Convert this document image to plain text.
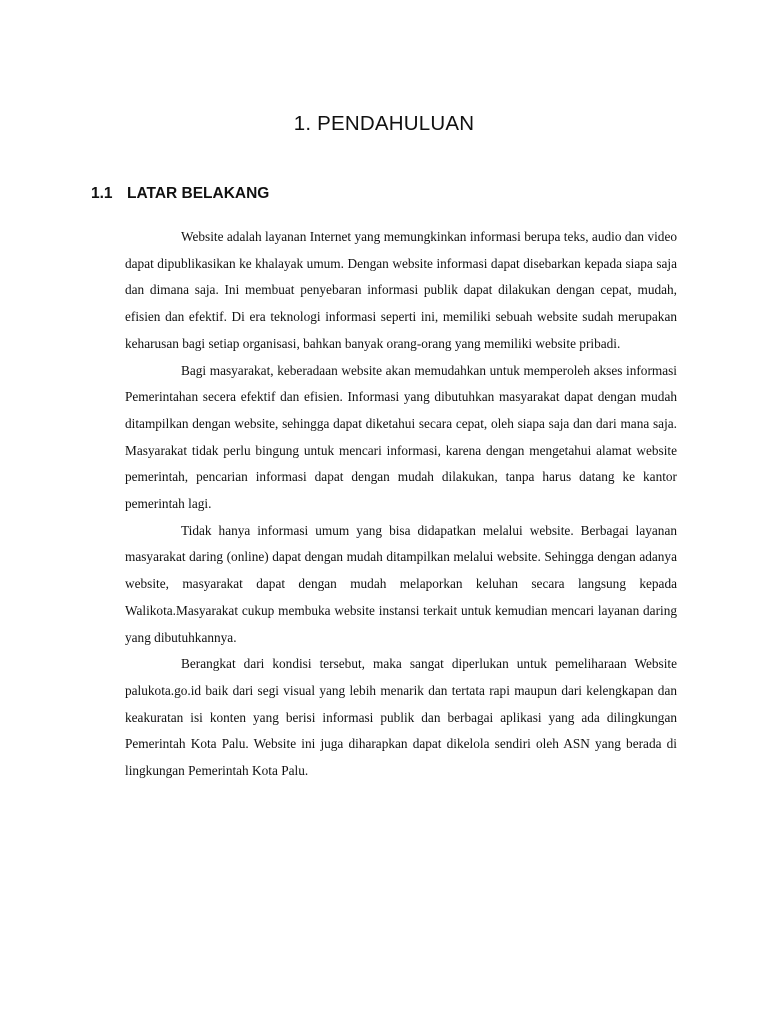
1. PENDAHULUAN
1.1 LATAR BELAKANG

Website adalah layanan Internet yang memungkinkan informasi berupa teks, audio dan video dapat dipublikasikan ke khalayak umum. Dengan website informasi dapat disebarkan kepada siapa saja dan dimana saja. Ini membuat penyebaran informasi publik dapat dilakukan dengan cepat, mudah, efisien dan efektif. Di era teknologi informasi seperti ini, memiliki sebuah website sudah merupakan keharusan bagi setiap organisasi, bahkan banyak orang-orang yang memiliki website pribadi.

Bagi masyarakat, keberadaan website akan memudahkan untuk memperoleh akses informasi Pemerintahan secera efektif dan efisien. Informasi yang dibutuhkan masyarakat dapat dengan mudah ditampilkan dengan website, sehingga dapat diketahui secara cepat, oleh siapa saja dan dari mana saja. Masyarakat tidak perlu bingung untuk mencari informasi, karena dengan mengetahui alamat website pemerintah, pencarian informasi dapat dengan mudah dilakukan, tanpa harus datang ke kantor pemerintah lagi.

Tidak hanya informasi umum yang bisa didapatkan melalui website. Berbagai layanan masyarakat daring (online) dapat dengan mudah ditampilkan melalui website. Sehingga dengan adanya website, masyarakat dapat dengan mudah melaporkan keluhan secara langsung kepada Walikota.Masyarakat cukup membuka website instansi terkait untuk kemudian mencari layanan daring yang dibutuhkannya.

Berangkat dari kondisi tersebut, maka sangat diperlukan untuk pemeliharaan Website palukota.go.id baik dari segi visual yang lebih menarik dan tertata rapi maupun dari kelengkapan dan keakuratan isi konten yang berisi informasi publik dan berbagai aplikasi yang ada dilingkungan Pemerintah Kota Palu. Website ini juga diharapkan dapat dikelola sendiri oleh ASN yang berada di lingkungan Pemerintah Kota Palu.
